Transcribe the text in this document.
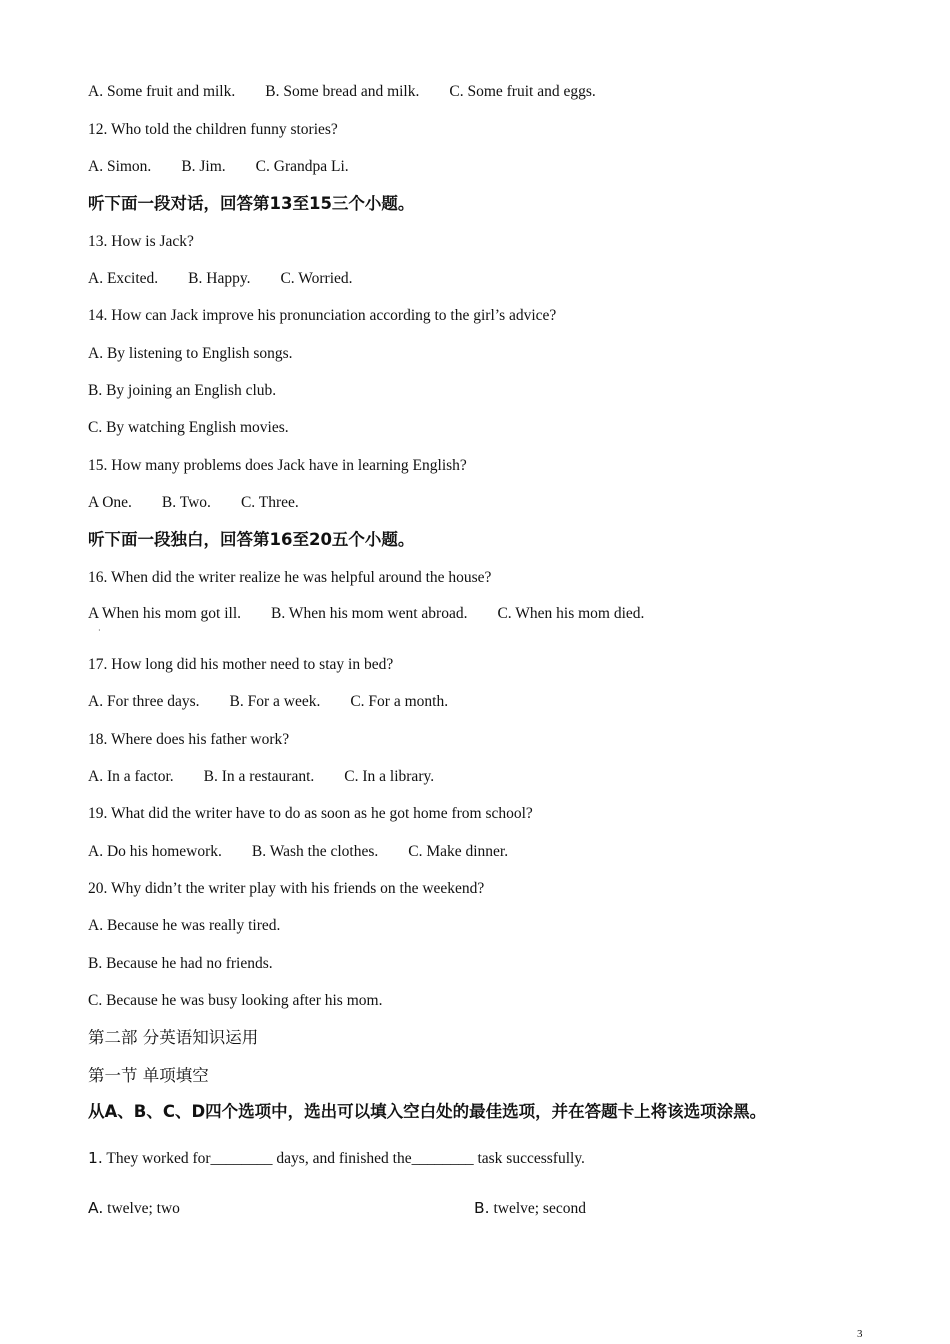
A. Some fruit and milk. B. Some bread and milk. C. Some fruit and eggs.
12. Who told the children funny stories?
A. Simon. B. Jim. C. Grandpa Li.
听下面一段对话，回答第13至15三个小题。
13. How is Jack?
A. Excited. B. Happy. C. Worried.
14. How can Jack improve his pronunciation according to the girl’s advice?
A. By listening to English songs.
B. By joining an English club.
C. By watching English movies.
15. How many problems does Jack have in learning English?
A One. B. Two. C. Three.
听下面一段独白，回答第16至20五个小题。
16. When did the writer realize he was helpful around the house?
A When his mom got ill. B. When his mom went abroad. C. When his mom died.
·
17. How long did his mother need to stay in bed?
A. For three days. B. For a week. C. For a month.
18. Where does his father work?
A. In a factor. B. In a restaurant. C. In a library.
19. What did the writer have to do as soon as he got home from school?
A. Do his homework. B. Wash the clothes. C. Make dinner.
20. Why didn’t the writer play with his friends on the weekend?
A. Because he was really tired.
B. Because he had no friends.
C. Because he was busy looking after his mom.
第二部 分英语知识运用
第一节 单项填空
从A、B、C、D四个选项中，选出可以填入空白处的最佳选项，并在答题卡上将该选项涂黑。
1. They worked for________ days, and finished the________ task successfully.
A. twelve; two	B. twelve; second
3
